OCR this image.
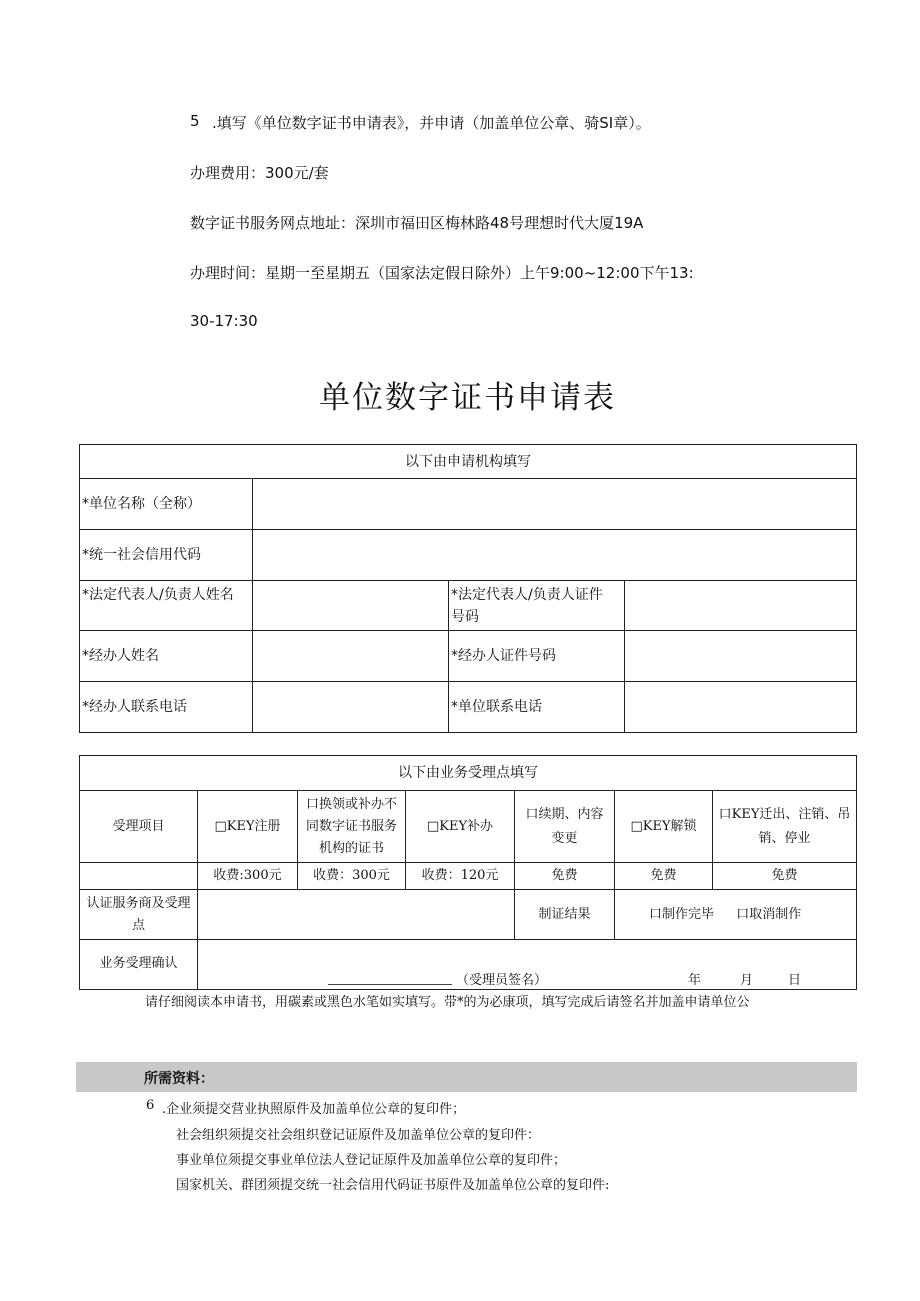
5 .填写《单位数字证书申请表》，并申请（加盖单位公章、骑SI章）。
办理费用：300元/套
数字证书服务网点地址：深圳市福田区梅林路48号理想时代大厦19A
办理时间：星期一至星期五（国家法定假日除外）上午9:00~12:00下午13:
30-17:30
单位数字证书申请表
以下由申请机构填写			
*单位名称（全称）			
*统一社会信用代码			
*法定代表人/负责人姓名		*法定代表人/负责人证件
号码	
*经办人姓名		*经办人证件号码	
*经办人联系电话		*单位联系电话	
以下由业务受理点填写						
受理项目	□KEY注册	口换领或补办不同数字证书服务机构的证书	□KEY补办	口续期、内容变更	□KEY解锁	口KEY迁出、注销、吊销、停业
	收费:300元	收费：300元	收费：120元	免费	免费	免费
认证服务商及受理点				制证结果	口制作完毕 口取消制作	
业务受理确认	（受理员签名） 年 月 日					
请仔细阅读本申请书，用碳素或黑色水笔如实填写。带*的为必康项，填写完成后请签名并加盖申请单位公
所需资料：
6 .企业须提交营业执照原件及加盖单位公章的复印件；
社会组织须提交社会组织登记证原件及加盖单位公章的复印件：
事业单位须提交事业单位法人登记证原件及加盖单位公章的复印件；
国家机关、群团须提交统一社会信用代码证书原件及加盖单位公章的复印件:
